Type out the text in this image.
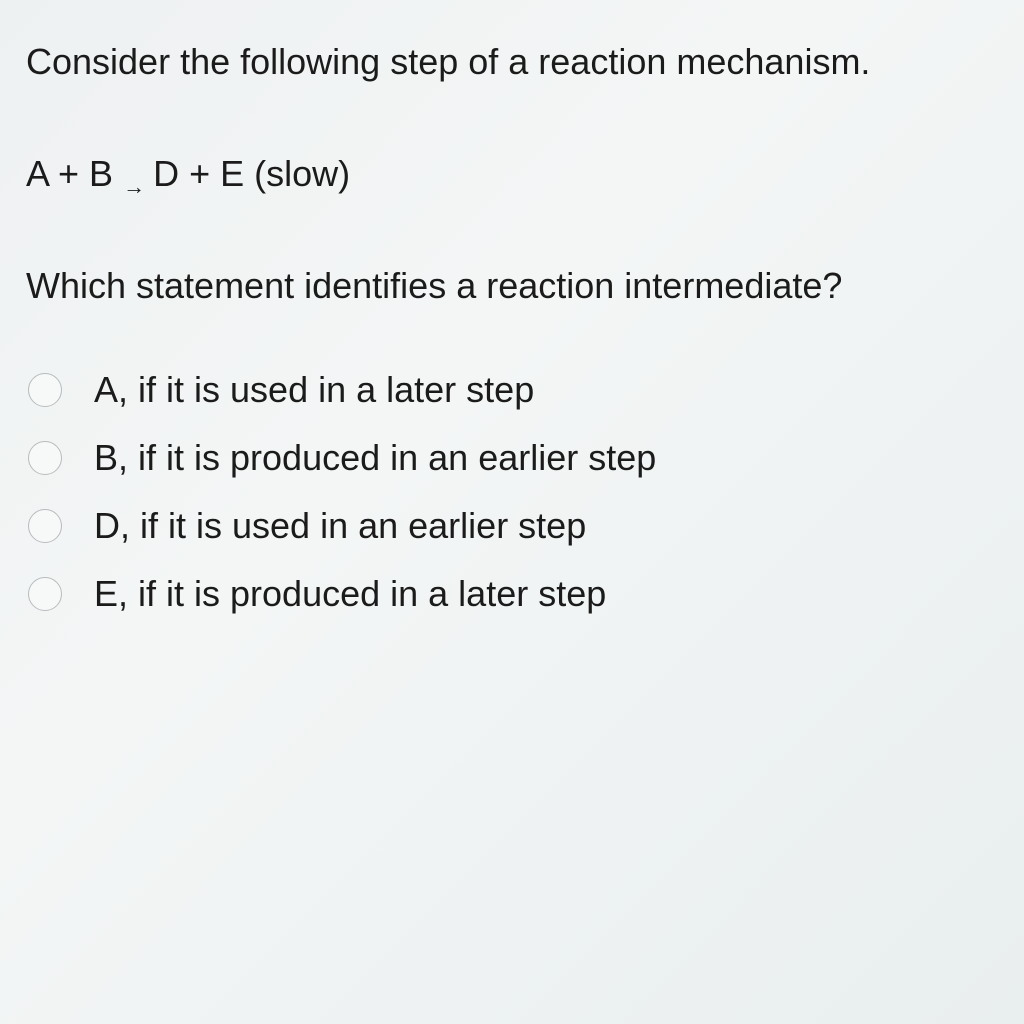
Consider the following step of a reaction mechanism.
A + B → D + E (slow)
Which statement identifies a reaction intermediate?
A, if it is used in a later step
B, if it is produced in an earlier step
D, if it is used in an earlier step
E, if it is produced in a later step
